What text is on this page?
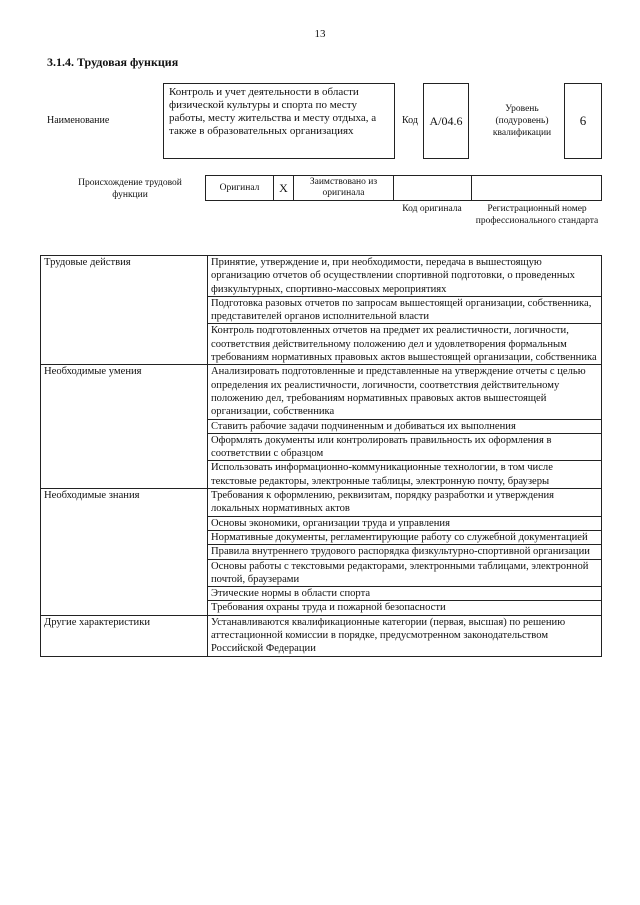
13
3.1.4. Трудовая функция
Наименование
Контроль и учет деятельности в области физической культуры и спорта по месту работы, месту жительства и месту отдыха, а также в образовательных организациях
Код A/04.6
Уровень (подуровень) квалификации
6
Происхождение трудовой функции
Оригинал	X	Заимствовано из оригинала
Код оригинала	Регистрационный номер профессионального стандарта
Трудовые действия	Принятие, утверждение и, при необходимости, передача в вышестоящую организацию отчетов об осуществлении спортивной подготовки, о проведенных физкультурных, спортивно-массовых мероприятиях
	Подготовка разовых отчетов по запросам вышестоящей организации, собственника, представителей органов исполнительной власти
	Контроль подготовленных отчетов на предмет их реалистичности, логичности, соответствия действительному положению дел и удовлетворения формальным требованиям нормативных правовых актов вышестоящей организации, собственника
Необходимые умения	Анализировать подготовленные и представленные на утверждение отчеты с целью определения их реалистичности, логичности, соответствия действительному положению дел, требованиям нормативных правовых актов вышестоящей организации, собственника
	Ставить рабочие задачи подчиненным и добиваться их выполнения
	Оформлять документы или контролировать правильность их оформления в соответствии с образцом
	Использовать информационно-коммуникационные технологии, в том числе текстовые редакторы, электронные таблицы, электронную почту, браузеры
Необходимые знания	Требования к оформлению, реквизитам, порядку разработки и утверждения локальных нормативных актов
	Основы экономики, организации труда и управления
	Нормативные документы, регламентирующие работу со служебной документацией
	Правила внутреннего трудового распорядка физкультурно-спортивной организации
	Основы работы с текстовыми редакторами, электронными таблицами, электронной почтой, браузерами
	Этические нормы в области спорта
	Требования охраны труда и пожарной безопасности
Другие характеристики	Устанавливаются квалификационные категории (первая, высшая) по решению аттестационной комиссии в порядке, предусмотренном законодательством Российской Федерации
